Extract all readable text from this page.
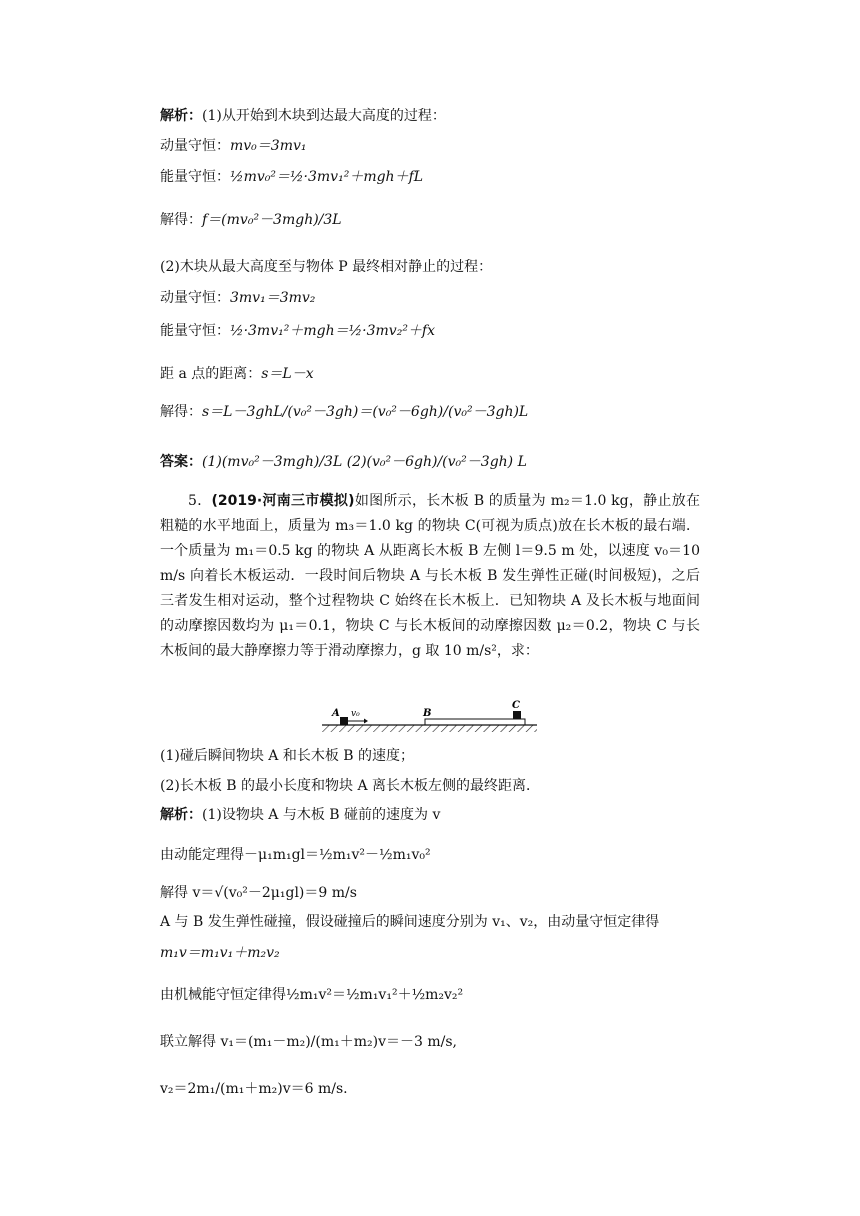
解析：(1)从开始到木块到达最大高度的过程：
动量守恒：mv₀＝3mv₁
能量守恒：½mv₀²＝½·3mv₁²＋mgh＋fL
解得：f＝(mv₀²－3mgh)/3L
(2)木块从最大高度至与物体 P 最终相对静止的过程：
动量守恒：3mv₁＝3mv₂
能量守恒：½·3mv₁²＋mgh＝½·3mv₂²＋fx
距 a 点的距离：s＝L－x
解得：s＝L－3ghL/(v₀²－3gh)＝(v₀²－6gh)/(v₀²－3gh)L
答案：(1)(mv₀²－3mgh)/3L (2)(v₀²－6gh)/(v₀²－3gh) L
5．(2019·河南三市模拟)如图所示，长木板 B 的质量为 m₂＝1.0 kg，静止放在粗糙的水平地面上，质量为 m₃＝1.0 kg 的物块 C(可视为质点)放在长木板的最右端．一个质量为 m₁＝0.5 kg 的物块 A 从距离长木板 B 左侧 l＝9.5 m 处，以速度 v₀＝10 m/s 向着长木板运动．一段时间后物块 A 与长木板 B 发生弹性正碰(时间极短)，之后三者发生相对运动，整个过程物块 C 始终在长木板上．已知物块 A 及长木板与地面间的动摩擦因数均为 μ₁＝0.1，物块 C 与长木板间的动摩擦因数 μ₂＝0.2，物块 C 与长木板间的最大静摩擦力等于滑动摩擦力，g 取 10 m/s²，求：
A v₀	B
C
(1)碰后瞬间物块 A 和长木板 B 的速度；
(2)长木板 B 的最小长度和物块 A 离长木板左侧的最终距离．
解析：(1)设物块 A 与木板 B 碰前的速度为 v
由动能定理得－μ₁m₁gl＝½m₁v²－½m₁v₀²
解得 v＝√(v₀²－2μ₁gl)＝9 m/s
A 与 B 发生弹性碰撞，假设碰撞后的瞬间速度分别为 v₁、v₂，由动量守恒定律得
m₁v＝m₁v₁＋m₂v₂
由机械能守恒定律得½m₁v²＝½m₁v₁²＋½m₂v₂²
联立解得 v₁＝(m₁－m₂)/(m₁＋m₂)v＝－3 m/s,
v₂＝2m₁/(m₁＋m₂)v＝6 m/s.
